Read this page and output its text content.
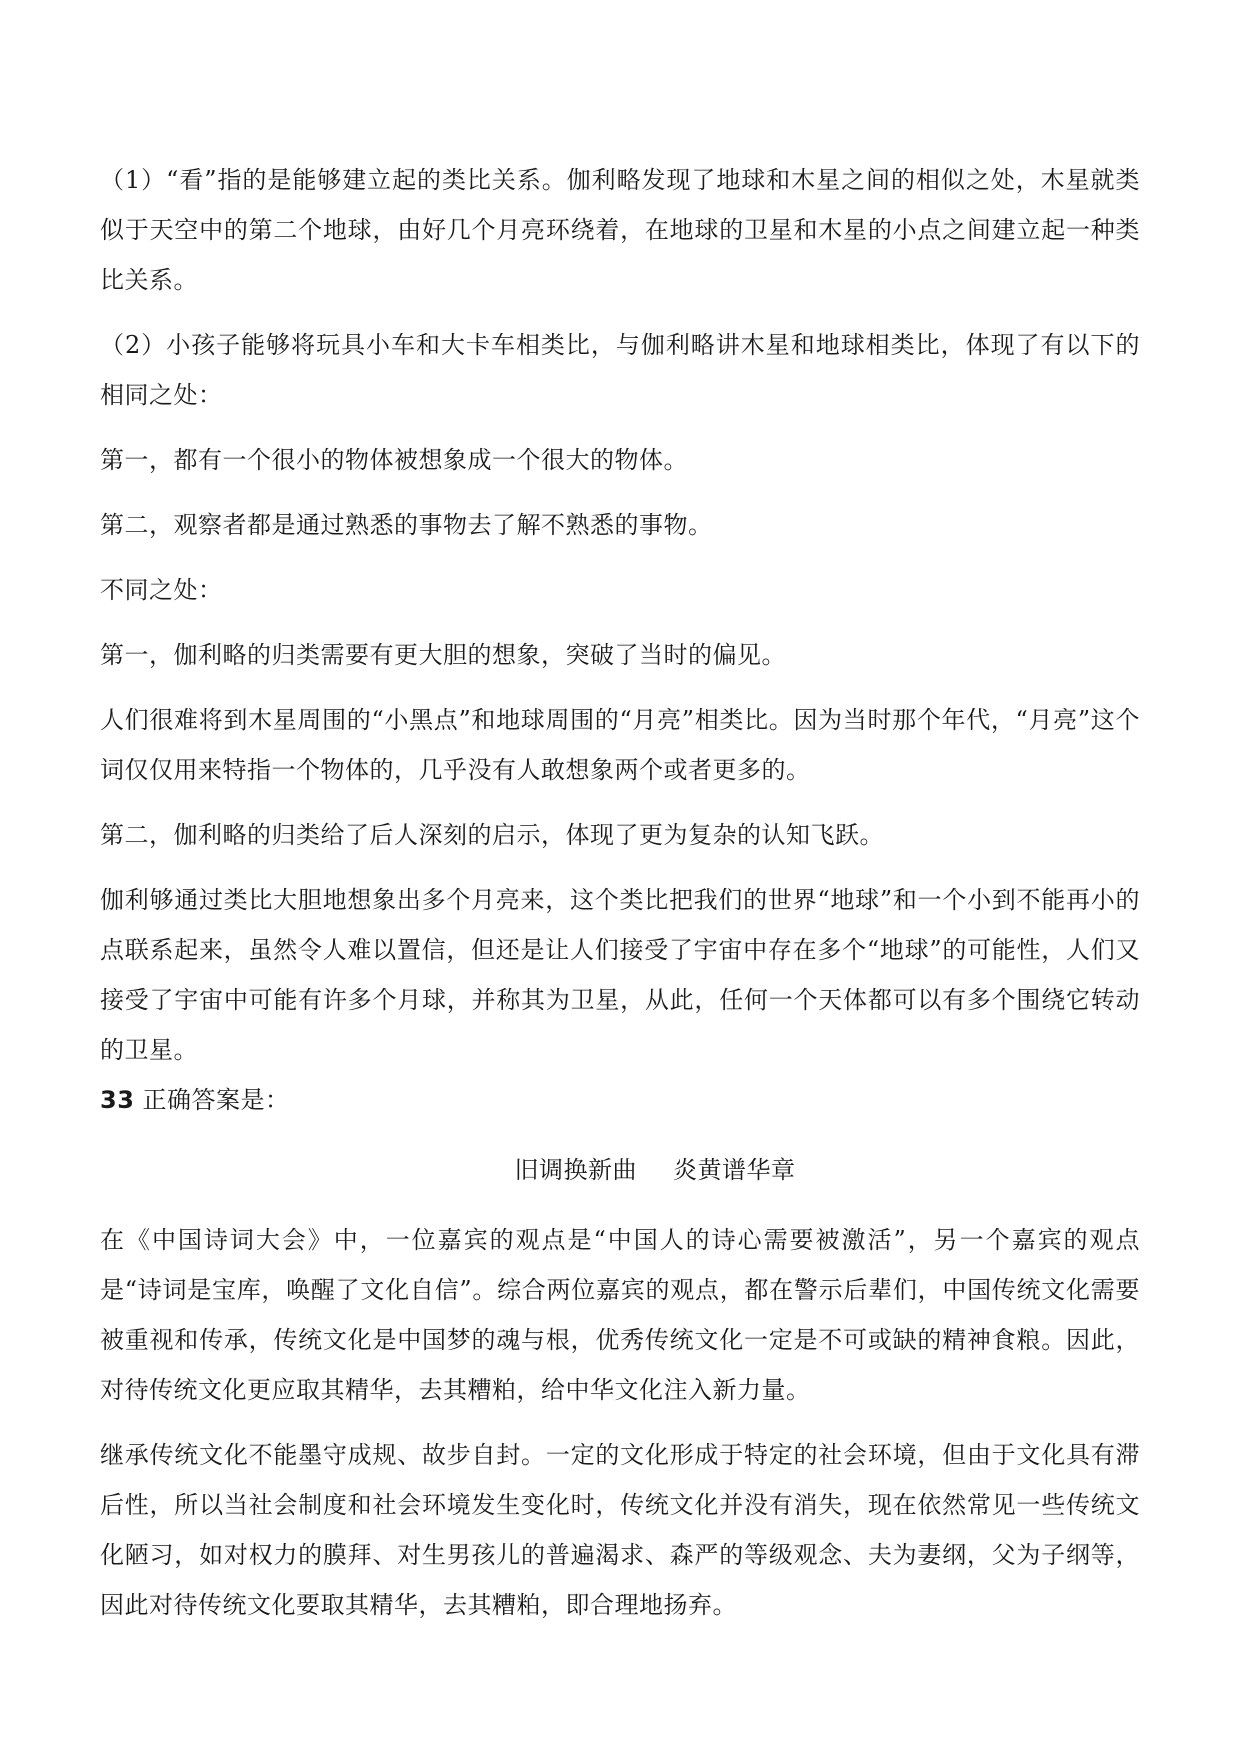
（1）“看”指的是能够建立起的类比关系。伽利略发现了地球和木星之间的相似之处，木星就类似于天空中的第二个地球，由好几个月亮环绕着，在地球的卫星和木星的小点之间建立起一种类比关系。

（2）小孩子能够将玩具小车和大卡车相类比，与伽利略讲木星和地球相类比，体现了有以下的相同之处：

第一，都有一个很小的物体被想象成一个很大的物体。

第二，观察者都是通过熟悉的事物去了解不熟悉的事物。

不同之处：

第一，伽利略的归类需要有更大胆的想象，突破了当时的偏见。

人们很难将到木星周围的“小黑点”和地球周围的“月亮”相类比。因为当时那个年代，“月亮”这个词仅仅用来特指一个物体的，几乎没有人敢想象两个或者更多的。

第二，伽利略的归类给了后人深刻的启示，体现了更为复杂的认知飞跃。

伽利够通过类比大胆地想象出多个月亮来，这个类比把我们的世界“地球”和一个小到不能再小的点联系起来，虽然令人难以置信，但还是让人们接受了宇宙中存在多个“地球”的可能性，人们又接受了宇宙中可能有许多个月球，并称其为卫星，从此，任何一个天体都可以有多个围绕它转动的卫星。

33 正确答案是：

旧调换新曲 炎黄谱华章

在《中国诗词大会》中，一位嘉宾的观点是“中国人的诗心需要被激活”，另一个嘉宾的观点是“诗词是宝库，唤醒了文化自信”。综合两位嘉宾的观点，都在警示后辈们，中国传统文化需要被重视和传承，传统文化是中国梦的魂与根，优秀传统文化一定是不可或缺的精神食粮。因此，对待传统文化更应取其精华，去其糟粕，给中华文化注入新力量。

继承传统文化不能墨守成规、故步自封。一定的文化形成于特定的社会环境，但由于文化具有滞后性，所以当社会制度和社会环境发生变化时，传统文化并没有消失，现在依然常见一些传统文化陋习，如对权力的膜拜、对生男孩儿的普遍渴求、森严的等级观念、夫为妻纲，父为子纲等，因此对待传统文化要取其精华，去其糟粕，即合理地扬弃。
